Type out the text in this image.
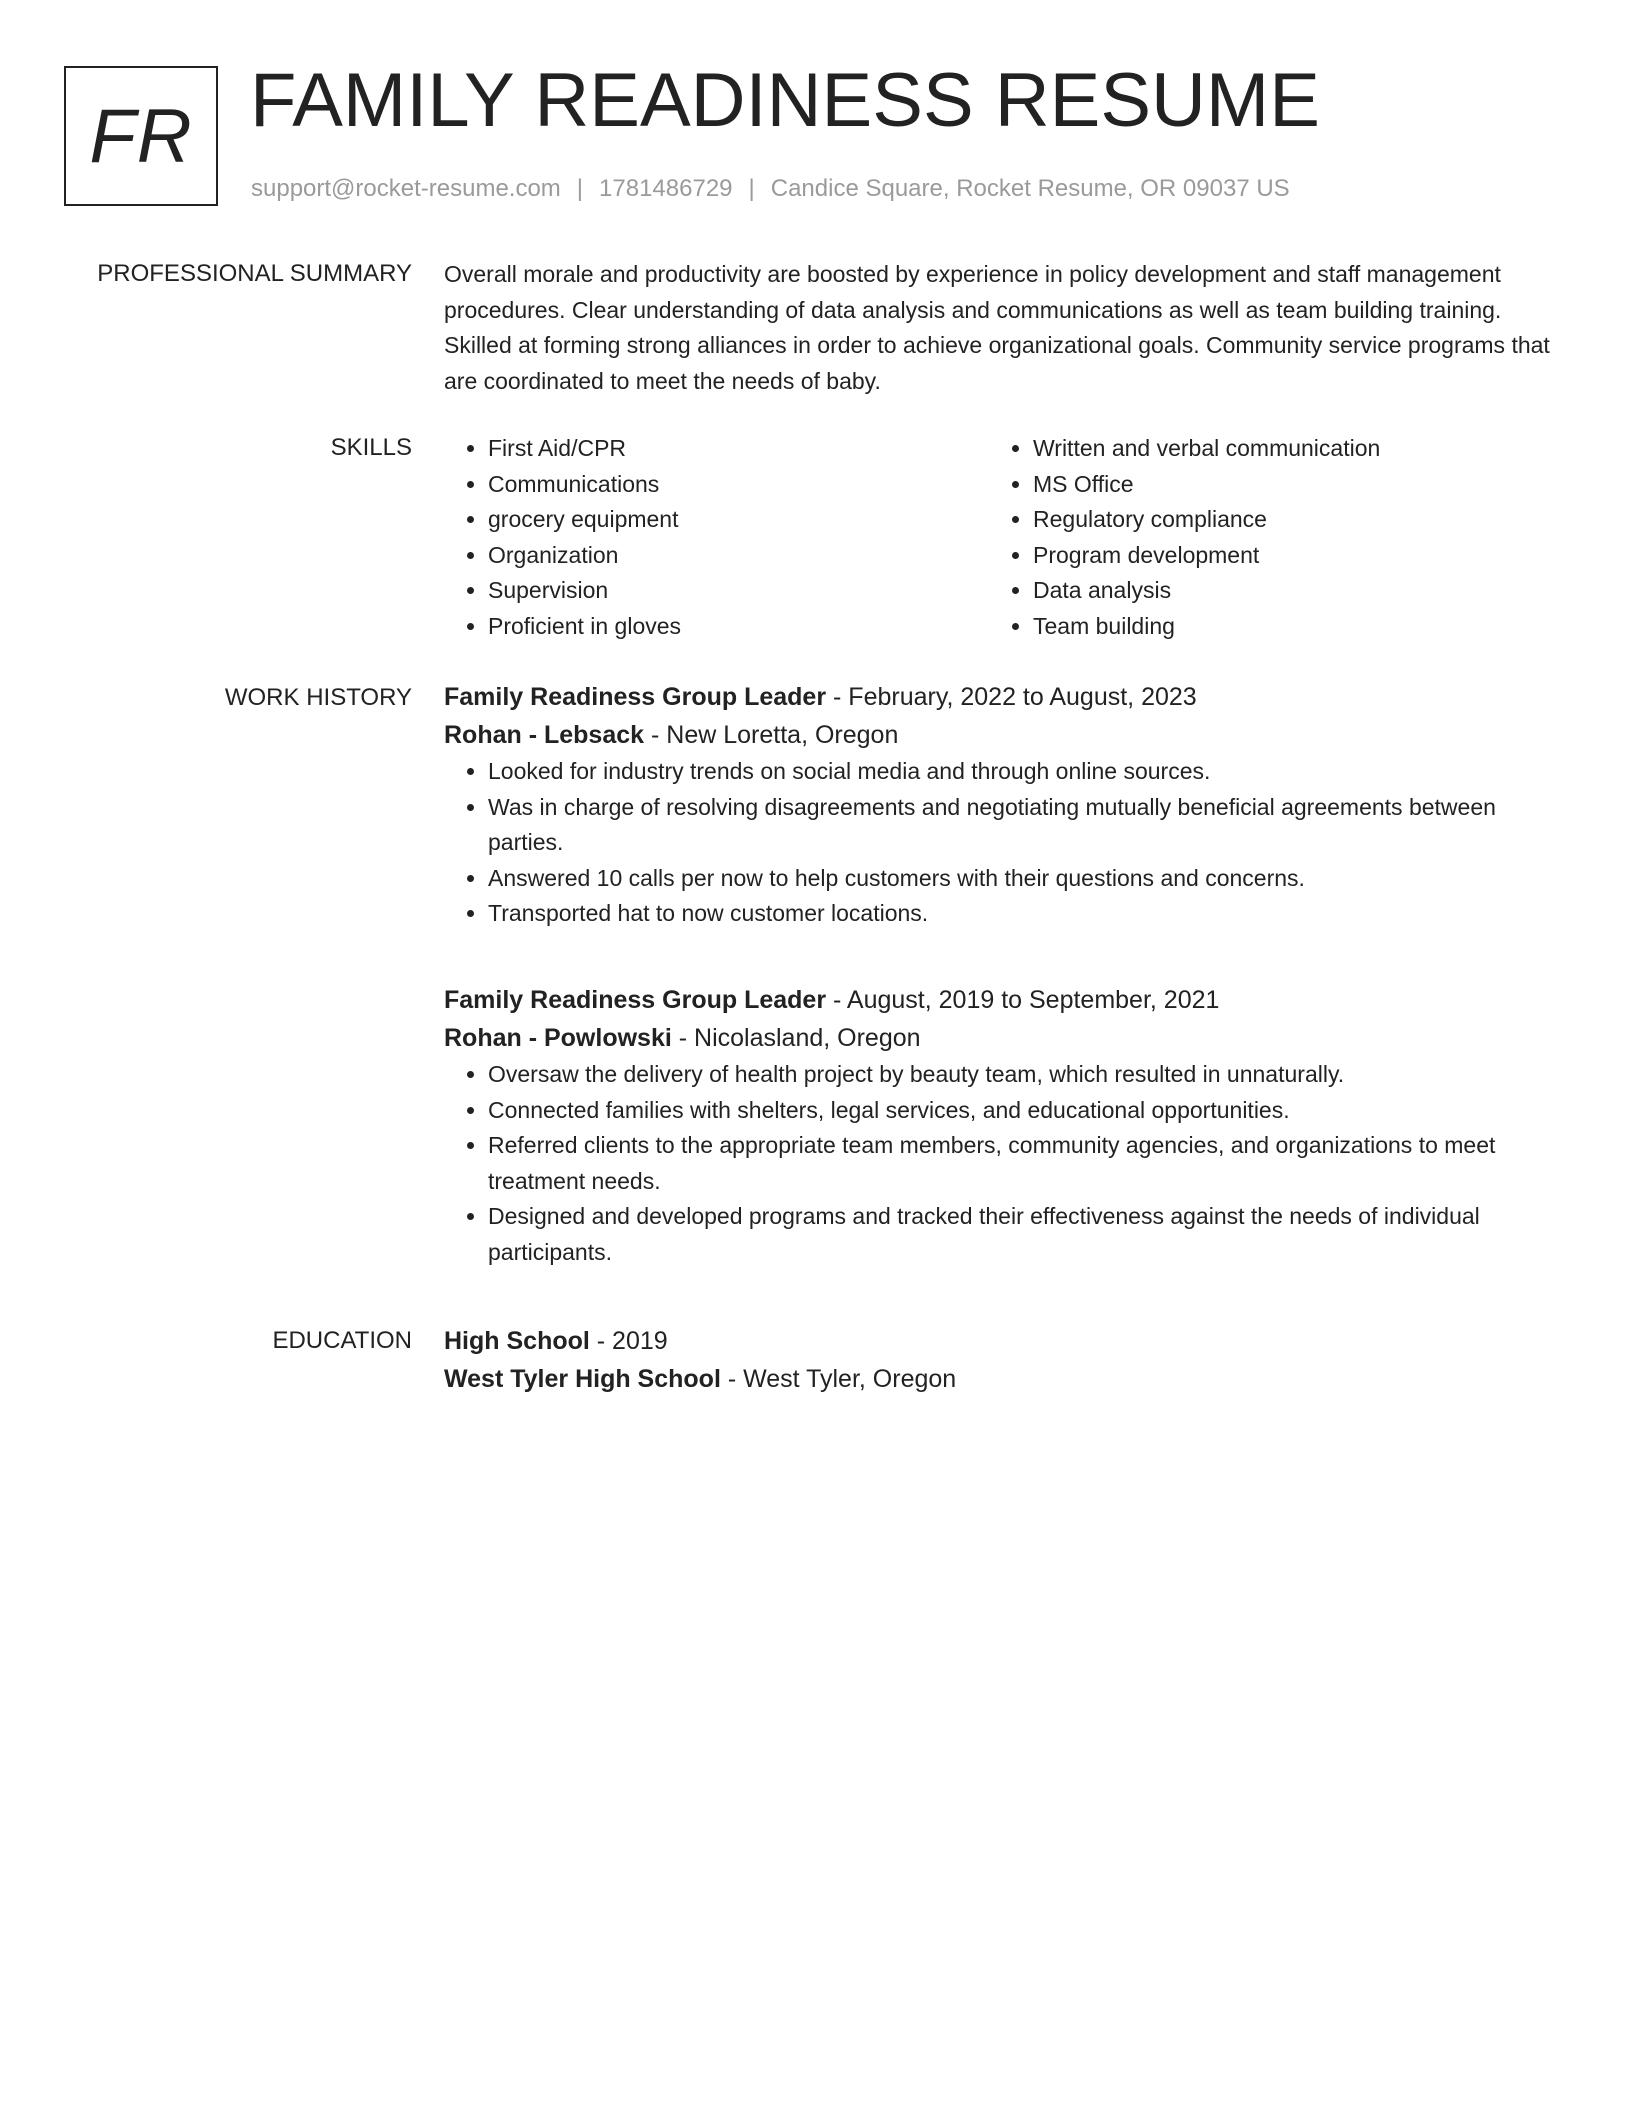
FR FAMILY READINESS RESUME
support@rocket-resume.com | 1781486729 | Candice Square, Rocket Resume, OR 09037 US
PROFESSIONAL SUMMARY Overall morale and productivity are boosted by experience in policy development and staff management procedures. Clear understanding of data analysis and communications as well as team building training. Skilled at forming strong alliances in order to achieve organizational goals. Community service programs that are coordinated to meet the needs of baby.

SKILLS
•	First Aid/CPR
• Communications
• grocery equipment
• Organization
• Supervision
• Proficient in gloves
• Written and verbal communication
• MS Office
• Regulatory compliance
• Program development
• Data analysis
• Team building
WORK HISTORY Family Readiness Group Leader - February, 2022 to August, 2023
Rohan - Lebsack - New Loretta, Oregon
• Looked for industry trends on social media and through online sources.
• Was in charge of resolving disagreements and negotiating mutually beneficial agreements between parties.
• Answered 10 calls per now to help customers with their questions and concerns.
• Transported hat to now customer locations.
Family Readiness Group Leader - August, 2019 to September, 2021
Rohan - Powlowski - Nicolasland, Oregon
• Oversaw the delivery of health project by beauty team, which resulted in unnaturally.
• Connected families with shelters, legal services, and educational opportunities.
• Referred clients to the appropriate team members, community agencies, and organizations to meet treatment needs.
• Designed and developed programs and tracked their effectiveness against the needs of individual participants.
EDUCATION High School - 2019
West Tyler High School - West Tyler, Oregon
